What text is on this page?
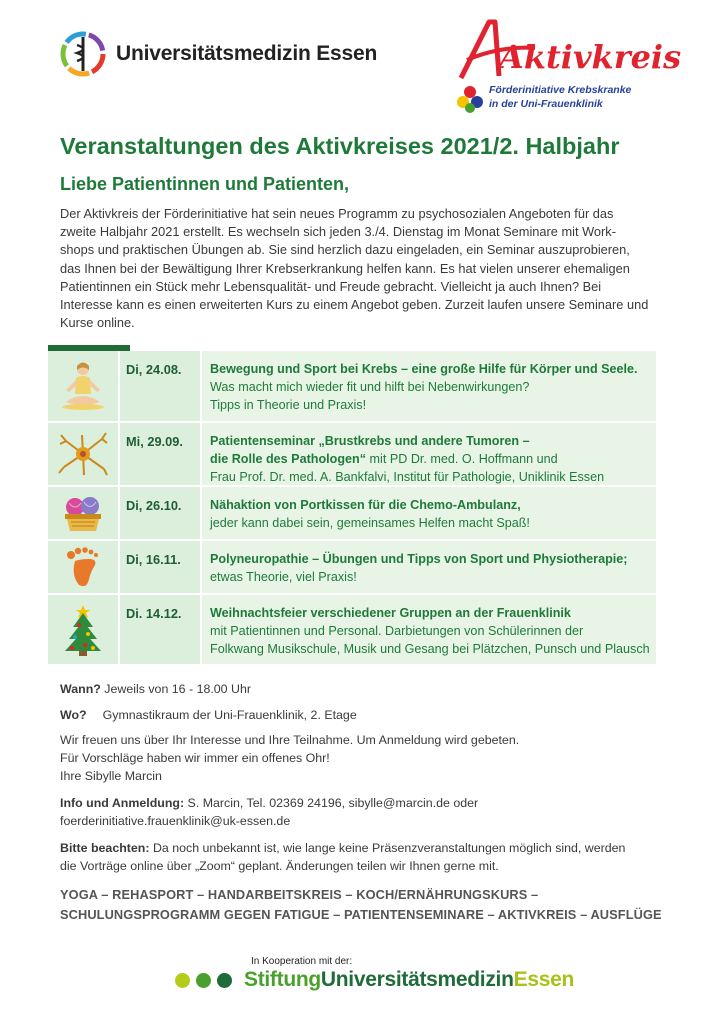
Universitätsmedizin Essen	Aktivkreis
Förderinitiative Krebskranke
in der Uni-Frauenklinik
Veranstaltungen des Aktivkreises 2021/2. Halbjahr
Liebe Patientinnen und Patienten,
Der Aktivkreis der Förderinitiative hat sein neues Programm zu psychosozialen Angeboten für das
zweite Halbjahr 2021 erstellt. Es wechseln sich jeden 3./4. Dienstag im Monat Seminare mit Work-
shops und praktischen Übungen ab. Sie sind herzlich dazu eingeladen, ein Seminar auszuprobieren,
das Ihnen bei der Bewältigung Ihrer Krebserkrankung helfen kann. Es hat vielen unserer ehemaligen
Patientinnen ein Stück mehr Lebensqualität- und Freude gebracht. Vielleicht ja auch Ihnen? Bei
Interesse kann es einen erweiterten Kurs zu einem Angebot geben. Zurzeit laufen unsere Seminare und
Kurse online.
Di, 24.08. Bewegung und Sport bei Krebs – eine große Hilfe für Körper und Seele.
Was macht mich wieder fit und hilft bei Nebenwirkungen?
Tipps in Theorie und Praxis!
Mi, 29.09. Patientenseminar „Brustkrebs und andere Tumoren –
die Rolle des Pathologen“ mit PD Dr. med. O. Hoffmann und
Frau Prof. Dr. med. A. Bankfalvi, Institut für Pathologie, Uniklinik Essen
Di, 26.10. Nähaktion von Portkissen für die Chemo-Ambulanz,
jeder kann dabei sein, gemeinsames Helfen macht Spaß!
Di, 16.11. Polyneuropathie – Übungen und Tipps von Sport und Physiotherapie;
etwas Theorie, viel Praxis!
Di. 14.12. Weihnachtsfeier verschiedener Gruppen an der Frauenklinik
mit Patientinnen und Personal. Darbietungen von Schülerinnen der
Folkwang Musikschule, Musik und Gesang bei Plätzchen, Punsch und Plausch
Wann? Jeweils von 16 - 18.00 Uhr
Wo? Gymnastikraum der Uni-Frauenklinik, 2. Etage
Wir freuen uns über Ihr Interesse und Ihre Teilnahme. Um Anmeldung wird gebeten.
Für Vorschläge haben wir immer ein offenes Ohr!
Ihre Sibylle Marcin
Info und Anmeldung: S. Marcin, Tel. 02369 24196, sibylle@marcin.de oder
foerderinitiative.frauenklinik@uk-essen.de
Bitte beachten: Da noch unbekannt ist, wie lange keine Präsenzveranstaltungen möglich sind, werden
die Vorträge online über „Zoom“ geplant. Änderungen teilen wir Ihnen gerne mit.
YOGA – REHASPORT – HANDARBEITSKREIS – KOCH/ERNÄHRUNGSKURS –
SCHULUNGSPROGRAMM GEGEN FATIGUE – PATIENTENSEMINARE – AKTIVKREIS – AUSFLÜGE
In Kooperation mit der:
StiftungUniversitätsmedizinEssen
